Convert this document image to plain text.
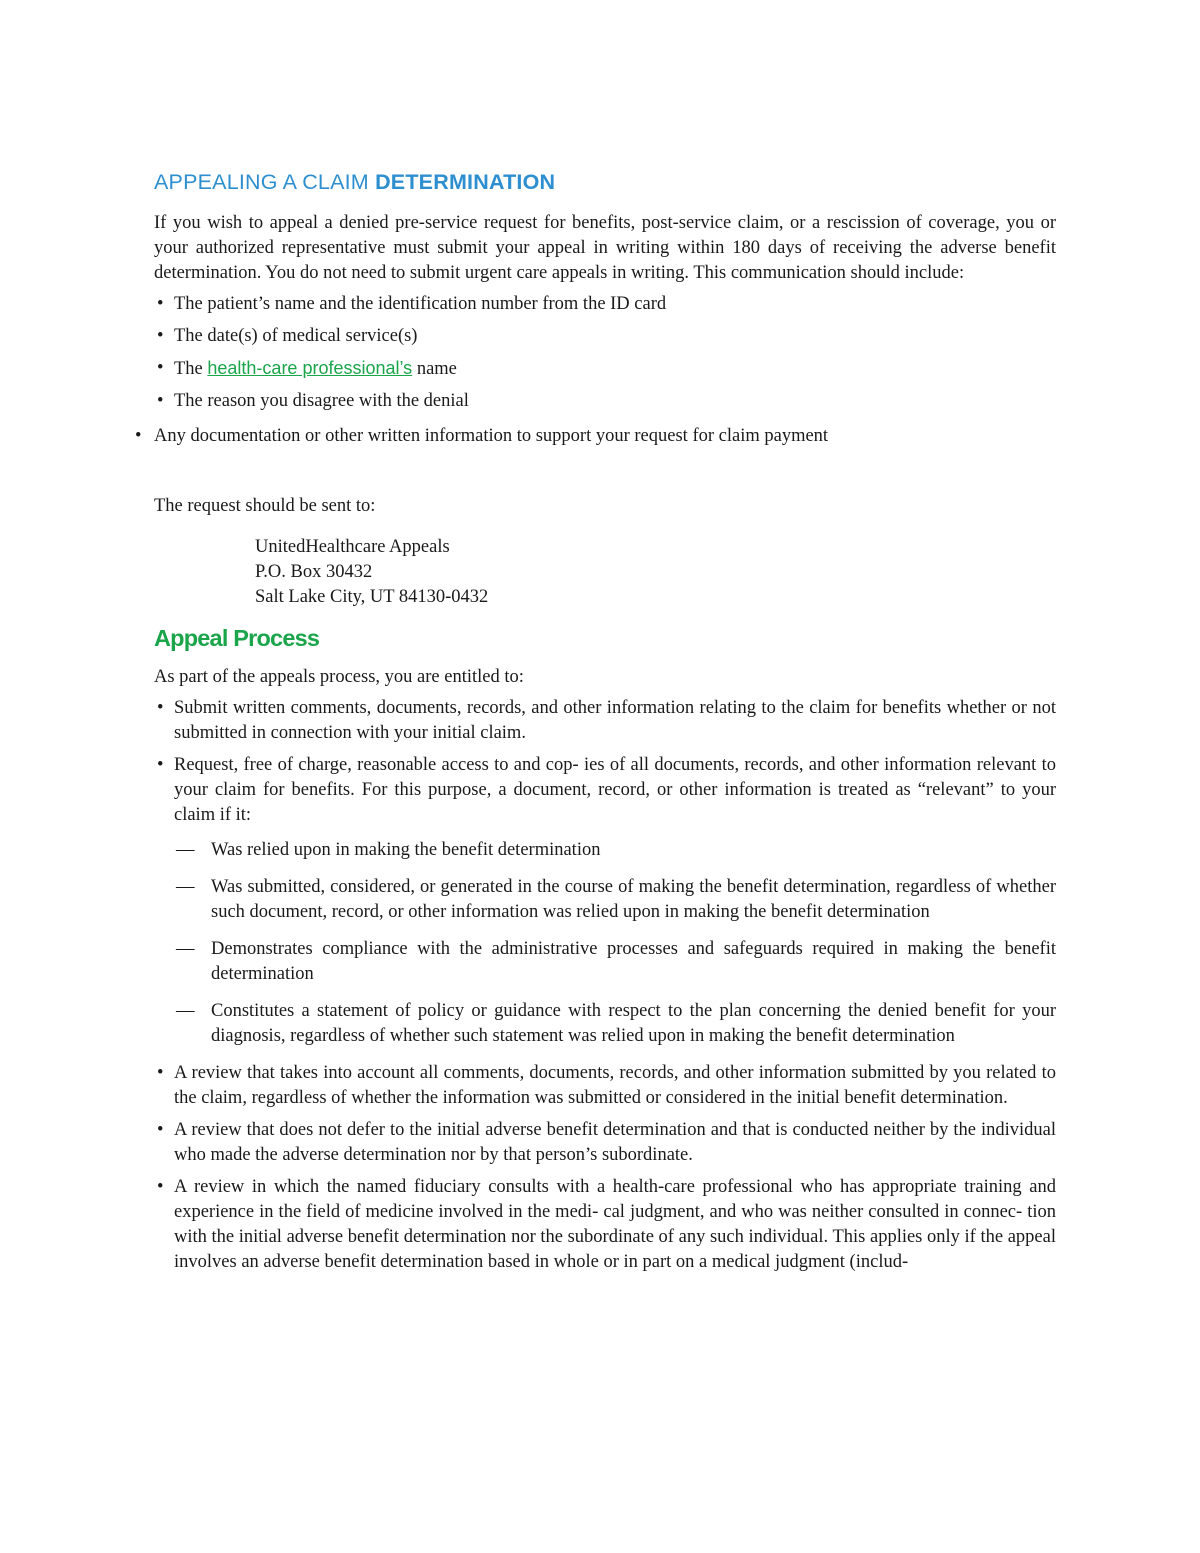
APPEALING A CLAIM DETERMINATION

If you wish to appeal a denied pre-service request for benefits, post-service claim, or a rescission of coverage, you or your authorized representative must submit your appeal in writing within 180 days of receiving the adverse benefit determination. You do not need to submit urgent care appeals in writing. This communication should include:

• The patient’s name and the identification number from the ID card
• The date(s) of medical service(s)
• The health-care professional’s name
• The reason you disagree with the denial
• Any documentation or other written information to support your request for claim payment
The request should be sent to:
UnitedHealthcare Appeals
P.O. Box 30432
Salt Lake City, UT 84130-0432
Appeal Process

As part of the appeals process, you are entitled to:

• Submit written comments, documents, records, and other information relating to the claim for benefits whether or not submitted in connection with your initial claim.
• Request, free of charge, reasonable access to and cop- ies of all documents, records, and other information relevant to your claim for benefits. For this purpose, a document, record, or other information is treated as “relevant” to your claim if it:
— Was relied upon in making the benefit determination
— Was submitted, considered, or generated in the course of making the benefit determination, regardless of whether such document, record, or other information was relied upon in making the benefit determination
— Demonstrates compliance with the administrative processes and safeguards required in making the benefit determination
— Constitutes a statement of policy or guidance with respect to the plan concerning the denied benefit for your diagnosis, regardless of whether such statement was relied upon in making the benefit determination
• A review that takes into account all comments, documents, records, and other information submitted by you related to the claim, regardless of whether the information was submitted or considered in the initial benefit determination.
• A review that does not defer to the initial adverse benefit determination and that is conducted neither by the individual who made the adverse determination nor by that person’s subordinate.
• A review in which the named fiduciary consults with a health-care professional who has appropriate training and experience in the field of medicine involved in the medi- cal judgment, and who was neither consulted in connec- tion with the initial adverse benefit determination nor the subordinate of any such individual. This applies only if the appeal involves an adverse benefit determination based in whole or in part on a medical judgment (includ-
